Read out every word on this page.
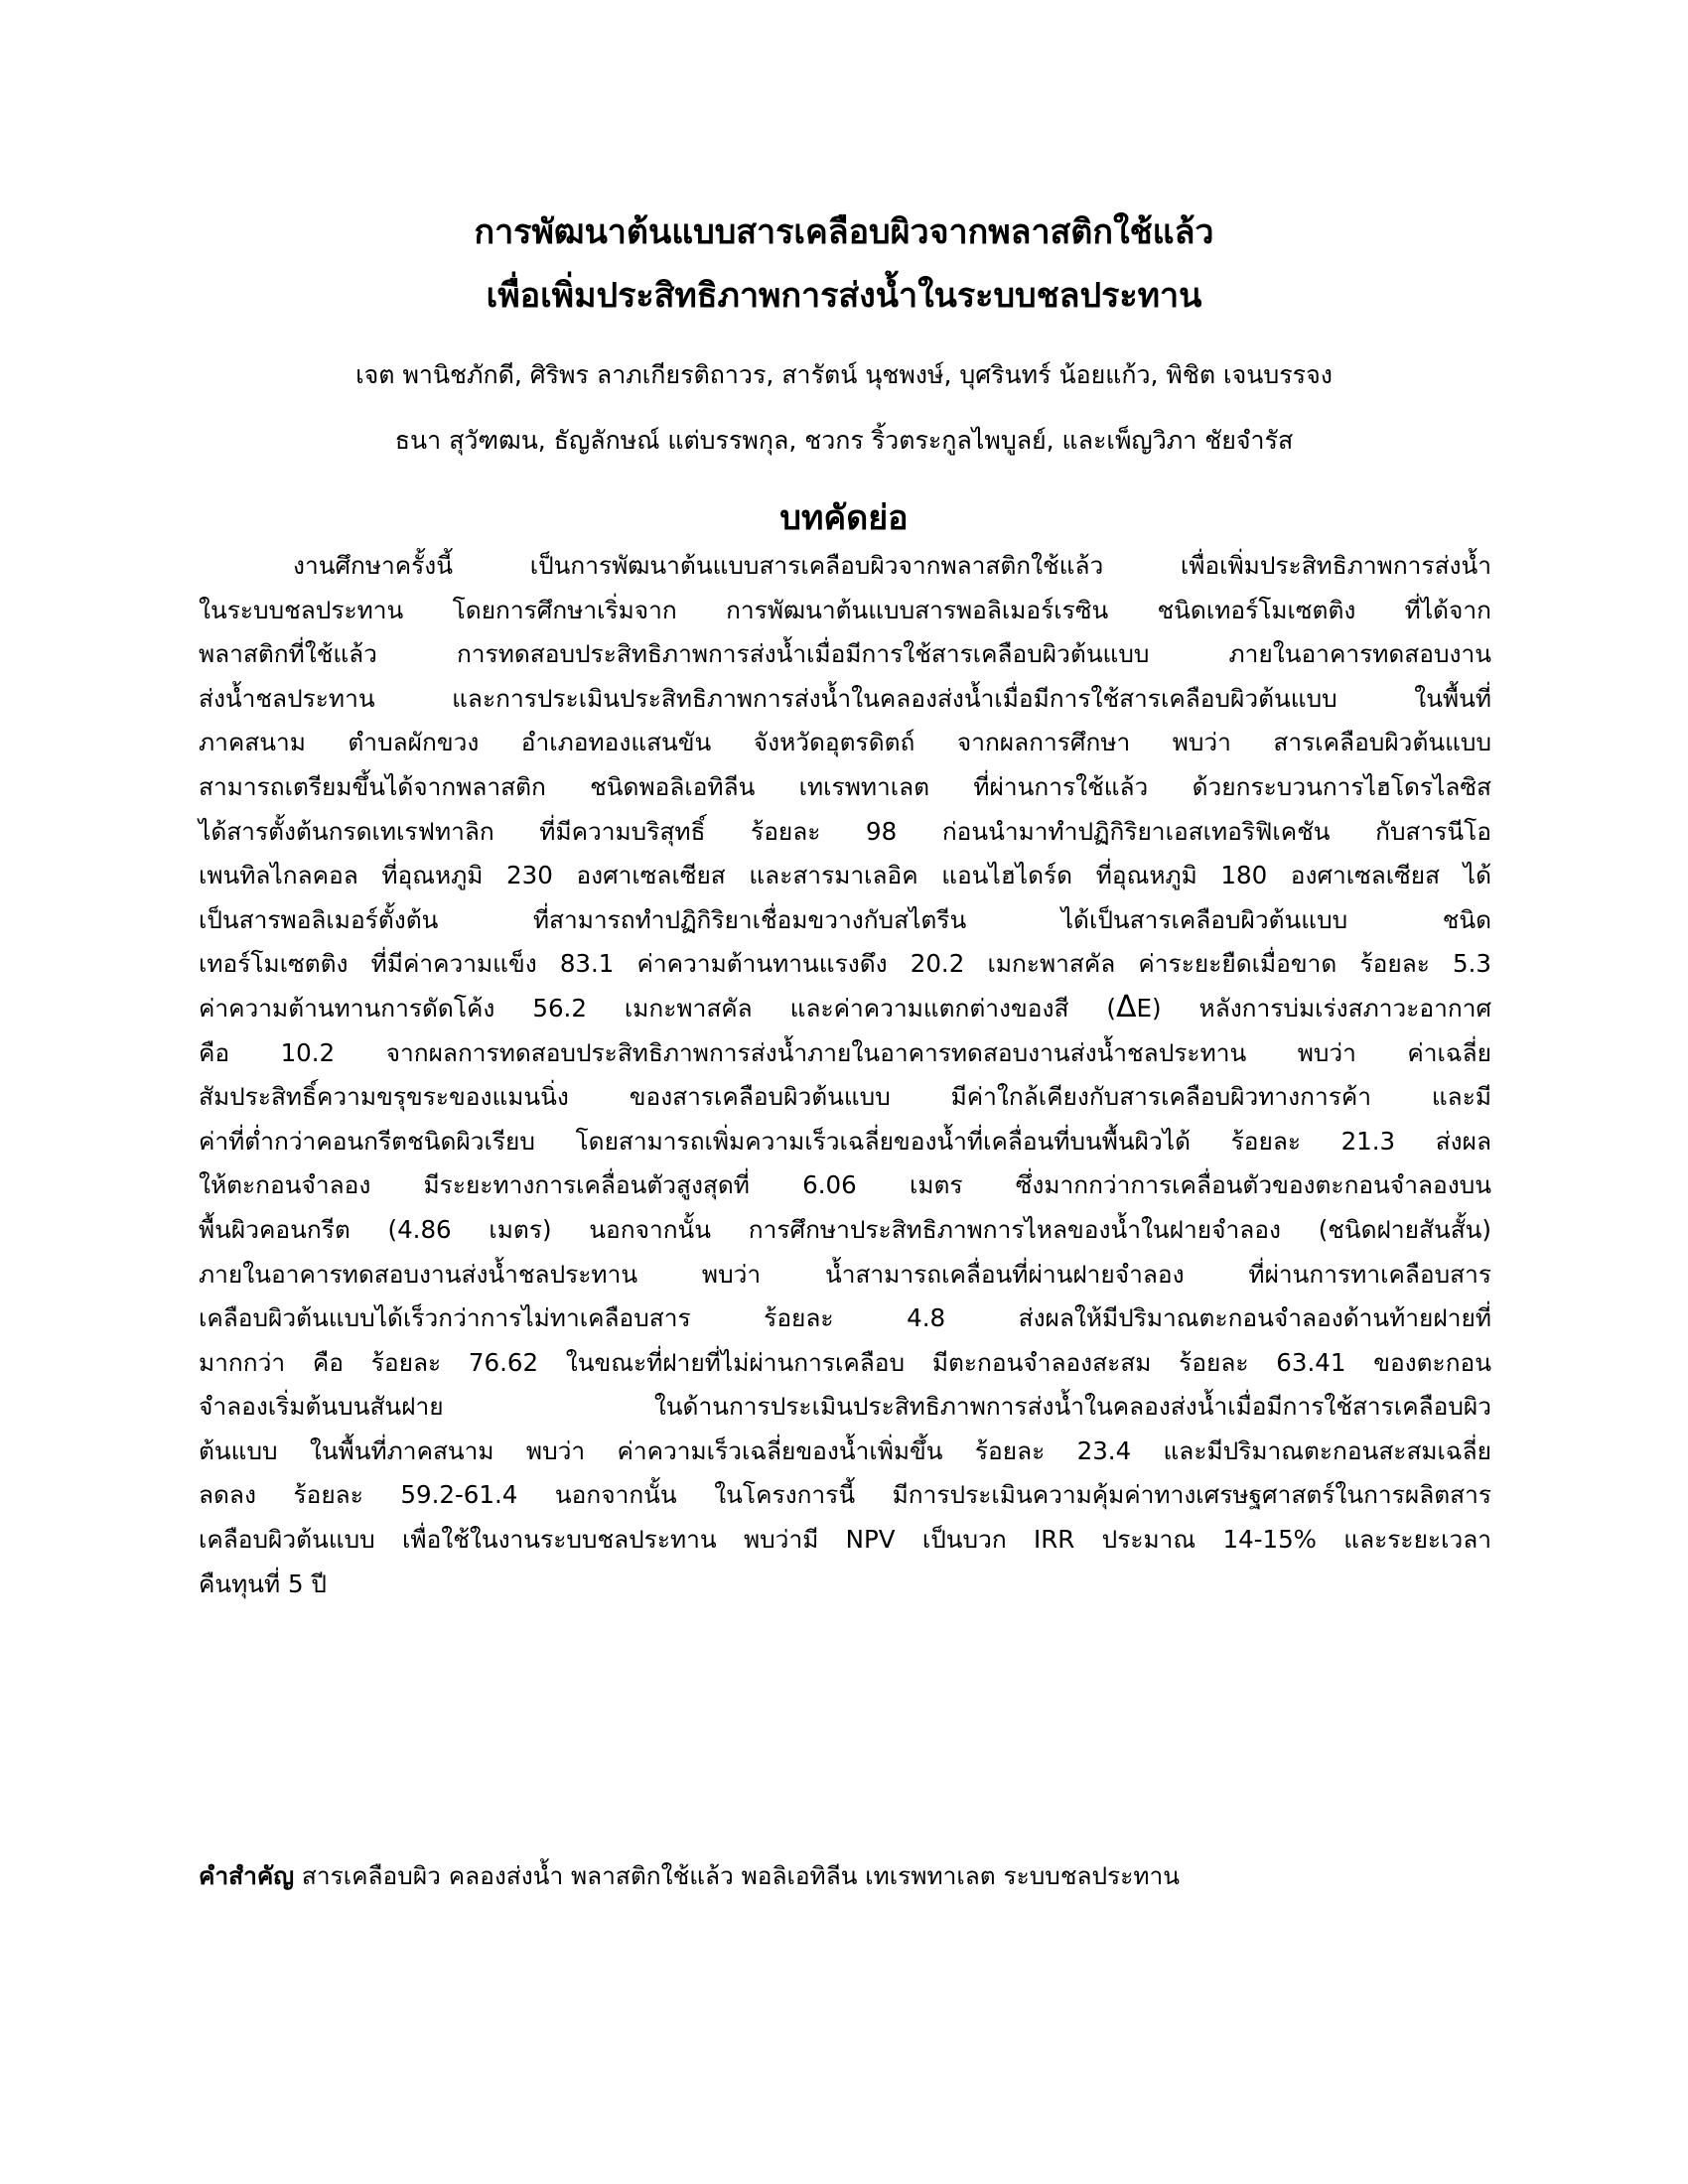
การพัฒนาต้นแบบสารเคลือบผิวจากพลาสติกใช้แล้ว
เพื่อเพิ่มประสิทธิภาพการส่งน้ำในระบบชลประทาน
เจต พานิชภักดี, ศิริพร ลาภเกียรติถาวร, สารัตน์ นุชพงษ์, บุศรินทร์ น้อยแก้ว, พิชิต เจนบรรจง
ธนา สุวัฑฒน, ธัญลักษณ์ แต่บรรพกุล, ชวกร ริ้วตระกูลไพบูลย์, และเพ็ญวิภา ชัยจำรัส
บทคัดย่อ
งานศึกษาครั้งนี้ เป็นการพัฒนาต้นแบบสารเคลือบผิวจากพลาสติกใช้แล้ว เพื่อเพิ่มประสิทธิภาพการส่งน้ำ
ในระบบชลประทาน โดยการศึกษาเริ่มจาก การพัฒนาต้นแบบสารพอลิเมอร์เรซิน ชนิดเทอร์โมเซตติง ที่ได้จาก
พลาสติกที่ใช้แล้ว การทดสอบประสิทธิภาพการส่งน้ำเมื่อมีการใช้สารเคลือบผิวต้นแบบ ภายในอาคารทดสอบงาน
ส่งน้ำชลประทาน และการประเมินประสิทธิภาพการส่งน้ำในคลองส่งน้ำเมื่อมีการใช้สารเคลือบผิวต้นแบบ ในพื้นที่
ภาคสนาม ตำบลผักขวง อำเภอทองแสนขัน จังหวัดอุตรดิตถ์ จากผลการศึกษา พบว่า สารเคลือบผิวต้นแบบ
สามารถเตรียมขึ้นได้จากพลาสติก ชนิดพอลิเอทิลีน เทเรพทาเลต ที่ผ่านการใช้แล้ว ด้วยกระบวนการไฮโดรไลซิส
ได้สารตั้งต้นกรดเทเรฟทาลิก ที่มีความบริสุทธิ์ ร้อยละ 98 ก่อนนำมาทำปฏิกิริยาเอสเทอริฟิเคชัน กับสารนีโอ
เพนทิลไกลคอล ที่อุณหภูมิ 230 องศาเซลเซียส และสารมาเลอิค แอนไฮไดร์ด ที่อุณหภูมิ 180 องศาเซลเซียส ได้
เป็นสารพอลิเมอร์ตั้งต้น ที่สามารถทำปฏิกิริยาเชื่อมขวางกับสไตรีน ได้เป็นสารเคลือบผิวต้นแบบ ชนิด
เทอร์โมเซตติง ที่มีค่าความแข็ง 83.1 ค่าความต้านทานแรงดึง 20.2 เมกะพาสคัล ค่าระยะยืดเมื่อขาด ร้อยละ 5.3
ค่าความต้านทานการดัดโค้ง 56.2 เมกะพาสคัล และค่าความแตกต่างของสี (ΔE) หลังการบ่มเร่งสภาวะอากาศ
คือ 10.2 จากผลการทดสอบประสิทธิภาพการส่งน้ำภายในอาคารทดสอบงานส่งน้ำชลประทาน พบว่า ค่าเฉลี่ย
สัมประสิทธิ์ความขรุขระของแมนนิ่ง ของสารเคลือบผิวต้นแบบ มีค่าใกล้เคียงกับสารเคลือบผิวทางการค้า และมี
ค่าที่ต่ำกว่าคอนกรีตชนิดผิวเรียบ โดยสามารถเพิ่มความเร็วเฉลี่ยของน้ำที่เคลื่อนที่บนพื้นผิวได้ ร้อยละ 21.3 ส่งผล
ให้ตะกอนจำลอง มีระยะทางการเคลื่อนตัวสูงสุดที่ 6.06 เมตร ซึ่งมากกว่าการเคลื่อนตัวของตะกอนจำลองบน
พื้นผิวคอนกรีต (4.86 เมตร) นอกจากนั้น การศึกษาประสิทธิภาพการไหลของน้ำในฝายจำลอง (ชนิดฝายสันสั้น)
ภายในอาคารทดสอบงานส่งน้ำชลประทาน พบว่า น้ำสามารถเคลื่อนที่ผ่านฝายจำลอง ที่ผ่านการทาเคลือบสาร
เคลือบผิวต้นแบบได้เร็วกว่าการไม่ทาเคลือบสาร ร้อยละ 4.8 ส่งผลให้มีปริมาณตะกอนจำลองด้านท้ายฝายที่
มากกว่า คือ ร้อยละ 76.62 ในขณะที่ฝายที่ไม่ผ่านการเคลือบ มีตะกอนจำลองสะสม ร้อยละ 63.41 ของตะกอน
จำลองเริ่มต้นบนสันฝาย ในด้านการประเมินประสิทธิภาพการส่งน้ำในคลองส่งน้ำเมื่อมีการใช้สารเคลือบผิว
ต้นแบบ ในพื้นที่ภาคสนาม พบว่า ค่าความเร็วเฉลี่ยของน้ำเพิ่มขึ้น ร้อยละ 23.4 และมีปริมาณตะกอนสะสมเฉลี่ย
ลดลง ร้อยละ 59.2-61.4 นอกจากนั้น ในโครงการนี้ มีการประเมินความคุ้มค่าทางเศรษฐศาสตร์ในการผลิตสาร
เคลือบผิวต้นแบบ เพื่อใช้ในงานระบบชลประทาน พบว่ามี NPV เป็นบวก IRR ประมาณ 14-15% และระยะเวลา
คืนทุนที่ 5 ปี
คำสำคัญ สารเคลือบผิว คลองส่งน้ำ พลาสติกใช้แล้ว พอลิเอทิลีน เทเรพทาเลต ระบบชลประทาน
